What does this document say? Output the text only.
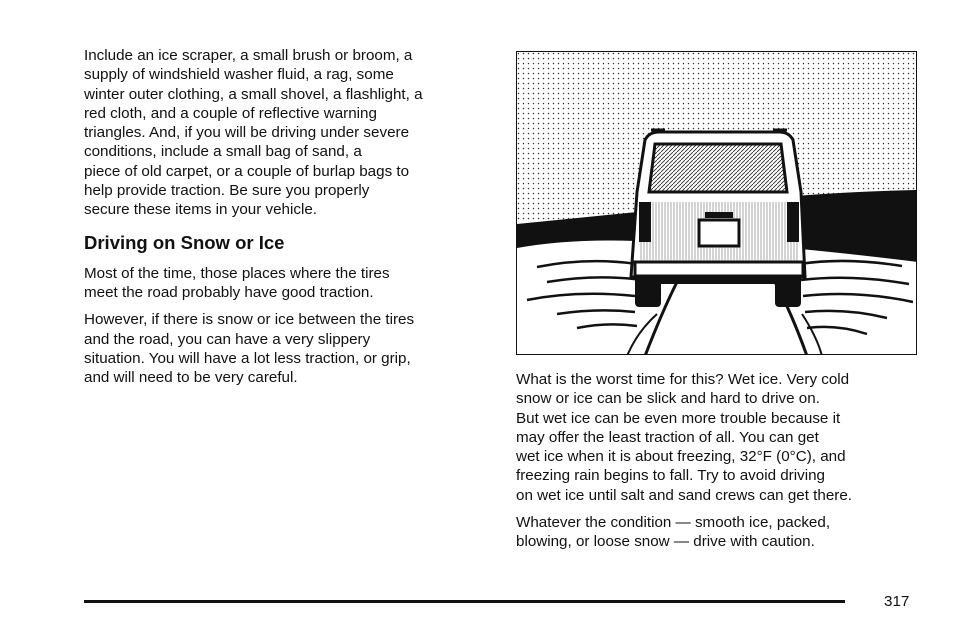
Include an ice scraper, a small brush or broom, a
supply of windshield washer fluid, a rag, some
winter outer clothing, a small shovel, a flashlight, a
red cloth, and a couple of reflective warning
triangles. And, if you will be driving under severe
conditions, include a small bag of sand, a
piece of old carpet, or a couple of burlap bags to
help provide traction. Be sure you properly
secure these items in your vehicle.

Driving on Snow or Ice

Most of the time, those places where the tires
meet the road probably have good traction.

However, if there is snow or ice between the tires
and the road, you can have a very slippery
situation. You will have a lot less traction, or grip,
and will need to be very careful.	What is the worst time for this? Wet ice. Very cold
snow or ice can be slick and hard to drive on.
But wet ice can be even more trouble because it
may offer the least traction of all. You can get
wet ice when it is about freezing, 32°F (0°C), and
freezing rain begins to fall. Try to avoid driving
on wet ice until salt and sand crews can get there.

Whatever the condition — smooth ice, packed,
blowing, or loose snow — drive with caution.

317
